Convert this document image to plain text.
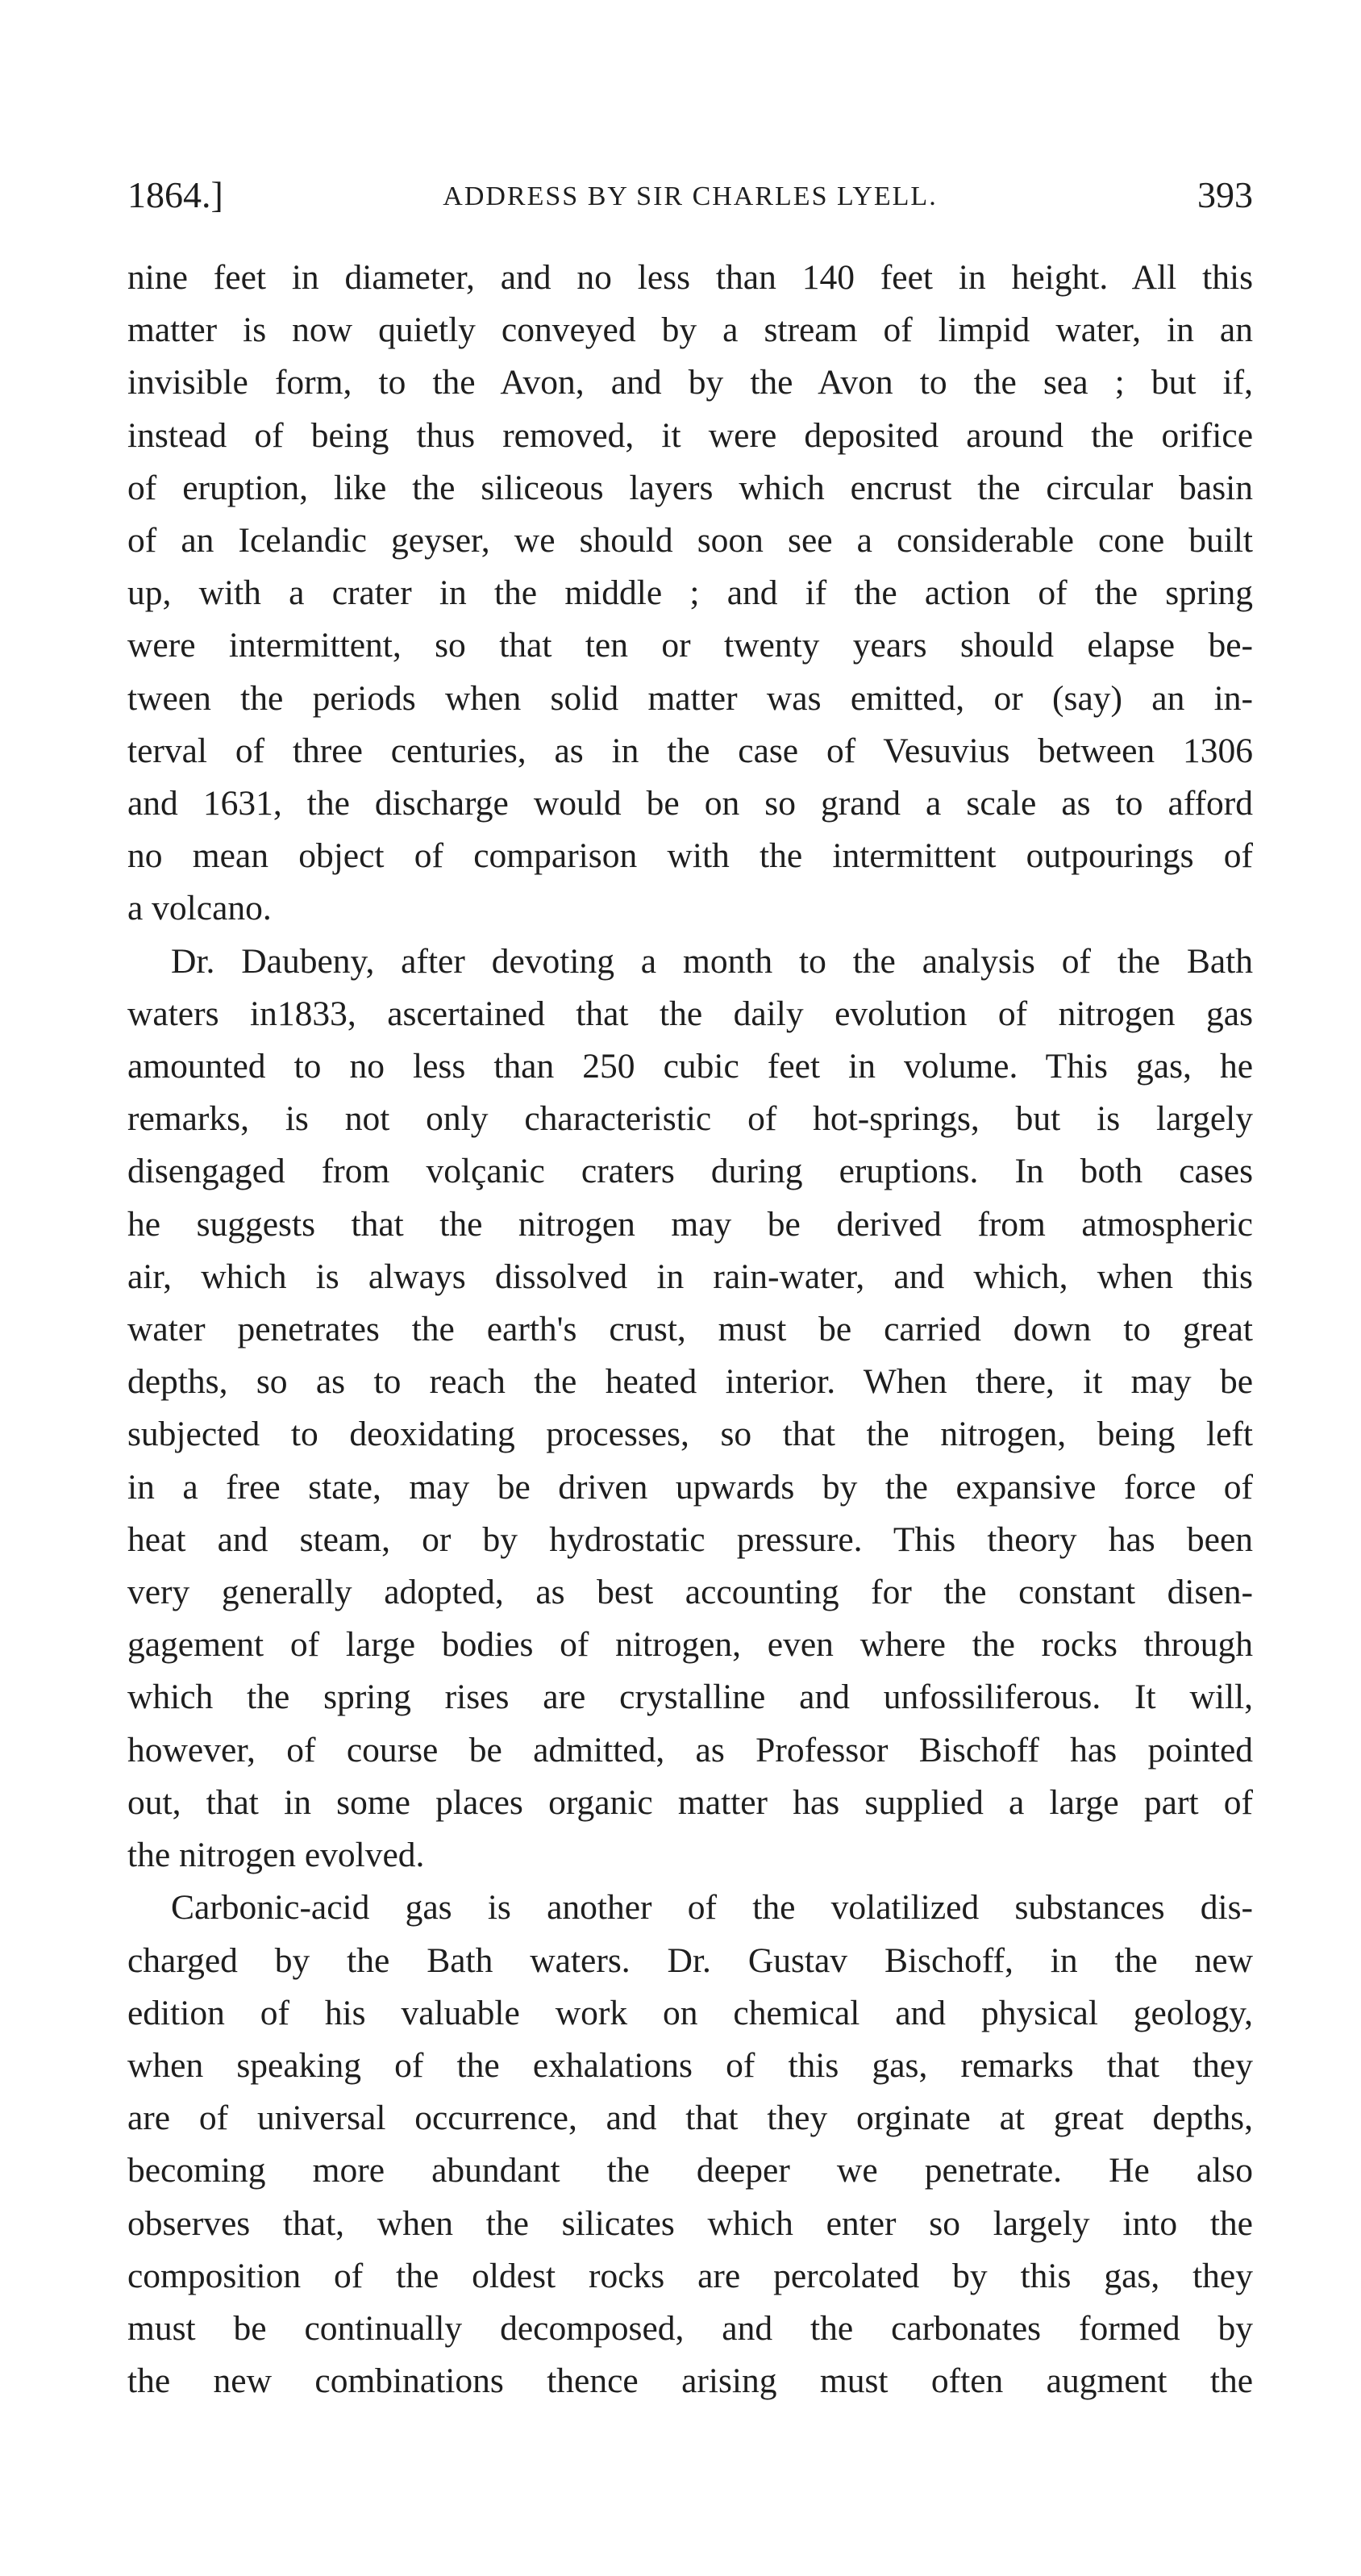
1864.]	ADDRESS BY SIR CHARLES LYELL.	393

nine feet in diameter, and no less than 140 feet in height. All this
matter is now quietly conveyed by a stream of limpid water, in an
invisible form, to the Avon, and by the Avon to the sea ; but if,
instead of being thus removed, it were deposited around the orifice
of eruption, like the siliceous layers which encrust the circular basin
of an Icelandic geyser, we should soon see a considerable cone built
up, with a crater in the middle ; and if the action of the spring
were intermittent, so that ten or twenty years should elapse be-
tween the periods when solid matter was emitted, or (say) an in-
terval of three centuries, as in the case of Vesuvius between 1306
and 1631, the discharge would be on so grand a scale as to afford
no mean object of comparison with the intermittent outpourings of
a volcano.

Dr. Daubeny, after devoting a month to the analysis of the Bath
waters in1833, ascertained that the daily evolution of nitrogen gas
amounted to no less than 250 cubic feet in volume. This gas, he
remarks, is not only characteristic of hot-springs, but is largely
disengaged from volçanic craters during eruptions. In both cases
he suggests that the nitrogen may be derived from atmospheric
air, which is always dissolved in rain-water, and which, when this
water penetrates the earth's crust, must be carried down to great
depths, so as to reach the heated interior. When there, it may be
subjected to deoxidating processes, so that the nitrogen, being left
in a free state, may be driven upwards by the expansive force of
heat and steam, or by hydrostatic pressure. This theory has been
very generally adopted, as best accounting for the constant disen-
gagement of large bodies of nitrogen, even where the rocks through
which the spring rises are crystalline and unfossiliferous. It will,
however, of course be admitted, as Professor Bischoff has pointed
out, that in some places organic matter has supplied a large part of
the nitrogen evolved.

Carbonic-acid gas is another of the volatilized substances dis-
charged by the Bath waters. Dr. Gustav Bischoff, in the new
edition of his valuable work on chemical and physical geology,
when speaking of the exhalations of this gas, remarks that they
are of universal occurrence, and that they orginate at great depths,
becoming more abundant the deeper we penetrate. He also
observes that, when the silicates which enter so largely into the
composition of the oldest rocks are percolated by this gas, they
must be continually decomposed, and the carbonates formed by
the new combinations thence arising must often augment the
